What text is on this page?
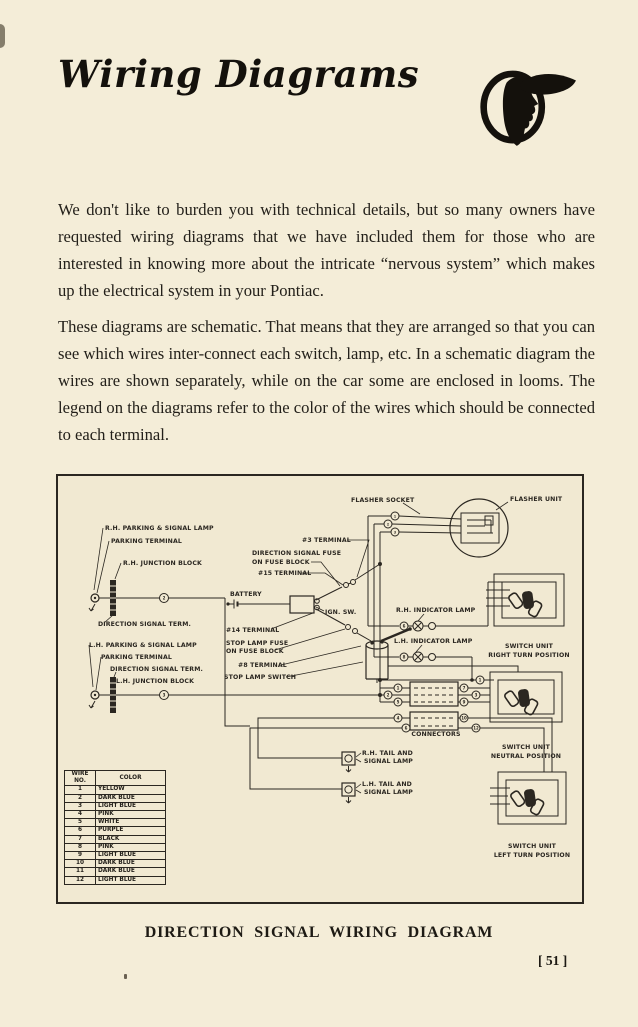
Wiring Diagrams

We don't like to burden you with technical details, but so many owners have requested wiring diagrams that we have included them for those who are interested in knowing more about the intricate “nervous system” which makes up the electrical system in your Pontiac.

These diagrams are schematic. That means that they are arranged so that you can see which wires inter-connect each switch, lamp, etc. In a schematic diagram the wires are shown separately, while on the car some are enclosed in looms. The legend on the diagrams refer to the color of the wires which should be connected to each terminal.

2
3
1
6
8
1
2
5
7
3
9
4
6
10
12
1
2
3
FLASHER SOCKET	FLASHER UNIT
R.H. PARKING & SIGNAL LAMP
PARKING TERMINAL
R.H. JUNCTION BLOCK
DIRECTION SIGNAL TERM.
L.H. PARKING & SIGNAL LAMP
PARKING TERMINAL
DIRECTION SIGNAL TERM.
L.H. JUNCTION BLOCK
#3 TERMINAL
DIRECTION SIGNAL FUSE
ON FUSE BLOCK
#15 TERMINAL
BATTERY
IGN. SW.
#14 TERMINAL
STOP LAMP FUSE
ON FUSE BLOCK
#8 TERMINAL
STOP LAMP SWITCH
R.H. INDICATOR LAMP
L.H. INDICATOR LAMP
SWITCH UNIT
RIGHT TURN POSITION
CONNECTORS
SWITCH UNIT
NEUTRAL POSITION
R.H. TAIL AND
SIGNAL LAMP
L.H. TAIL AND
SIGNAL LAMP
SWITCH UNIT
LEFT TURN POSITION
WIRE NO.	COLOR
1	YELLOW
2	DARK BLUE
3	LIGHT BLUE
4	PINK
5	WHITE
6	PURPLE
7	BLACK
8	PINK
9	LIGHT BLUE
10	DARK BLUE
11	DARK BLUE
12	LIGHT BLUE

DIRECTION SIGNAL WIRING DIAGRAM

[ 51 ]
